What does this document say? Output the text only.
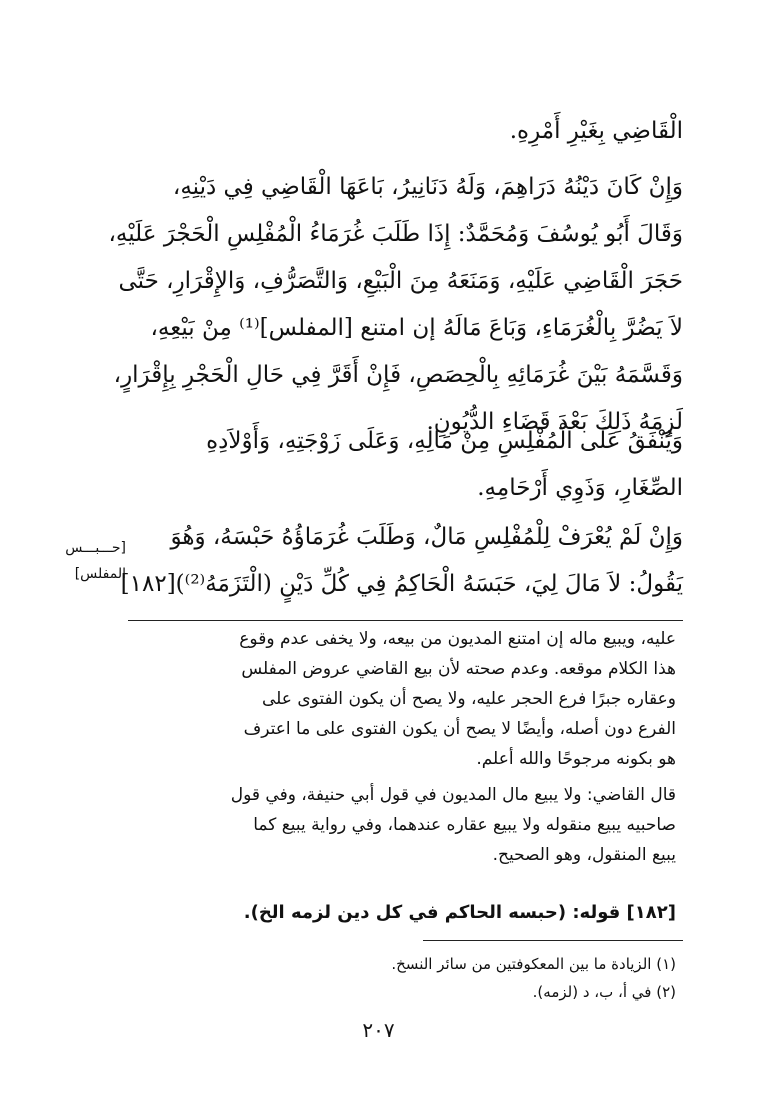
الْقَاضِي بِغَيْرِ أَمْرِهِ.
وَإِنْ كَانَ دَيْنُهُ دَرَاهِمَ، وَلَهُ دَنَانِيرُ، بَاعَهَا الْقَاضِي فِي دَيْنِهِ،
وَقَالَ أَبُو يُوسُفَ وَمُحَمَّدٌ: إِذَا طَلَبَ غُرَمَاءُ الْمُفْلِسِ الْحَجْرَ عَلَيْهِ،
حَجَرَ الْقَاضِي عَلَيْهِ، وَمَنَعَهُ مِنَ الْبَيْعِ، وَالتَّصَرُّفِ، وَالإِقْرَارِ، حَتَّى
لاَ يَضُرَّ بِالْغُرَمَاءِ، وَبَاعَ مَالَهُ إن امتنع [المفلس]⁽¹⁾ مِنْ بَيْعِهِ،
وَقَسَّمَهُ بَيْنَ غُرَمَائِهِ بِالْحِصَصِ، فَإِنْ أَقَرَّ فِي حَالِ الْحَجْرِ بِإِقْرَارٍ،
لَزِمَهُ ذَلِكَ بَعْدَ قَضَاءِ الدُّيُونِ.
وَيُنْفَقُ عَلَى الْمُفْلِسِ مِنْ مَالِهِ، وَعَلَى زَوْجَتِهِ، وَأَوْلاَدِهِ
الصِّغَارِ، وَذَوِي أَرْحَامِهِ.
وَإِنْ لَمْ يُعْرَفْ لِلْمُفْلِسِ مَالٌ، وَطَلَبَ غُرَمَاؤُهُ حَبْسَهُ، وَهُوَ
يَقُولُ: لاَ مَالَ لِيَ، حَبَسَهُ الْحَاكِمُ فِي كُلِّ دَيْنٍ (الْتَزَمَهُ⁽²⁾)[١٨٢]
[حـــبـــس
المفلس]
عليه، ويبيع ماله إن امتنع المديون من بيعه، ولا يخفى عدم وقوع
هذا الكلام موقعه. وعدم صحته لأن بيع القاضي عروض المفلس
وعقاره جبرًا فرع الحجر عليه، ولا يصح أن يكون الفتوى على
الفرع دون أصله، وأيضًا لا يصح أن يكون الفتوى على ما اعترف
هو بكونه مرجوحًا والله أعلم.
قال القاضي: ولا يبيع مال المديون في قول أبي حنيفة، وفي قول
صاحبيه يبيع منقوله ولا يبيع عقاره عندهما، وفي رواية يبيع كما
يبيع المنقول، وهو الصحيح.
[١٨٢] قوله: (حبسه الحاكم في كل دين لزمه الخ).
(١) الزيادة ما بين المعكوفتين من سائر النسخ.
(٢) في أ، ب، د (لزمه).
٢٠٧
